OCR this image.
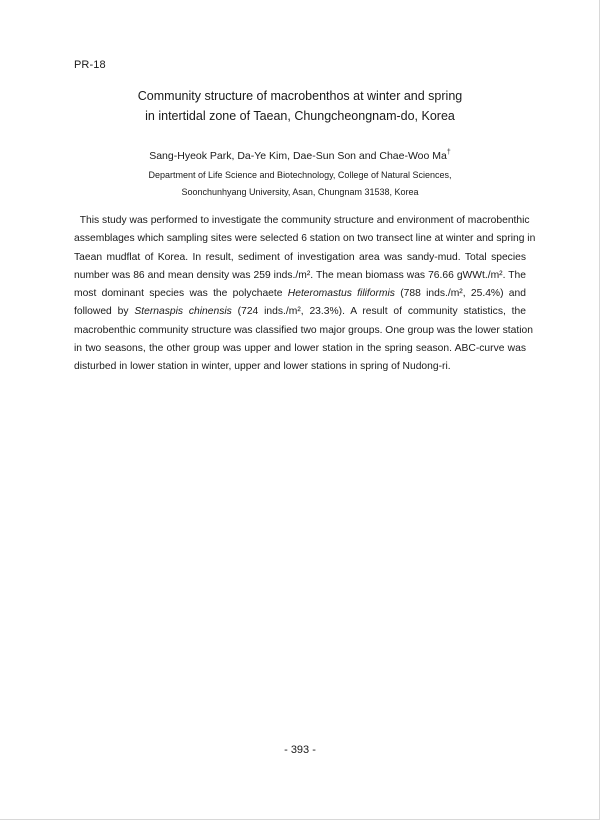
PR-18
Community structure of macrobenthos at winter and spring
in intertidal zone of Taean, Chungcheongnam-do, Korea
Sang-Hyeok Park, Da-Ye Kim, Dae-Sun Son and Chae-Woo Ma†
Department of Life Science and Biotechnology, College of Natural Sciences,
Soonchunhyang University, Asan, Chungnam 31538, Korea
This study was performed to investigate the community structure and environment of macrobenthic
assemblages which sampling sites were selected 6 station on two transect line at winter and spring in
Taean mudflat of Korea. In result, sediment of investigation area was sandy-mud. Total species
number was 86 and mean density was 259 inds./m². The mean biomass was 76.66 gWWt./m². The
most dominant species was the polychaete Heteromastus filiformis (788 inds./m², 25.4%) and
followed by Sternaspis chinensis (724 inds./m², 23.3%). A result of community statistics, the
macrobenthic community structure was classified two major groups. One group was the lower station
in two seasons, the other group was upper and lower station in the spring season. ABC-curve was
disturbed in lower station in winter, upper and lower stations in spring of Nudong-ri.
- 393 -
